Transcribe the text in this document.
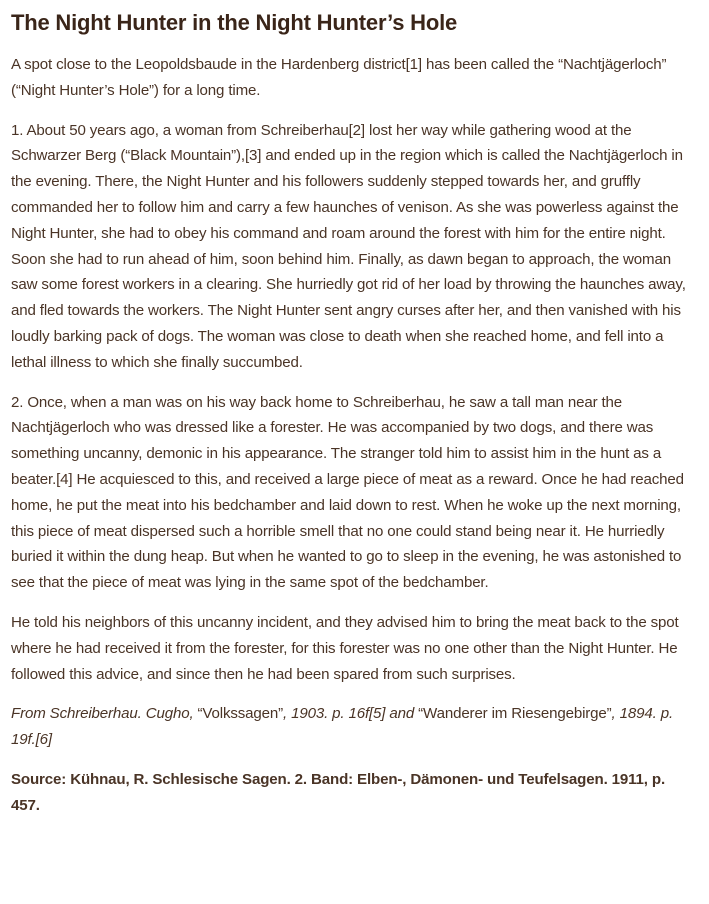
The Night Hunter in the Night Hunter’s Hole

A spot close to the Leopoldsbaude in the Hardenberg district[1] has been called the “Nachtjägerloch” (“Night Hunter’s Hole”) for a long time.

1. About 50 years ago, a woman from Schreiberhau[2] lost her way while gathering wood at the Schwarzer Berg (“Black Mountain”),[3] and ended up in the region which is called the Nachtjägerloch in the evening. There, the Night Hunter and his followers suddenly stepped towards her, and gruffly commanded her to follow him and carry a few haunches of venison. As she was powerless against the Night Hunter, she had to obey his command and roam around the forest with him for the entire night. Soon she had to run ahead of him, soon behind him. Finally, as dawn began to approach, the woman saw some forest workers in a clearing. She hurriedly got rid of her load by throwing the haunches away, and fled towards the workers. The Night Hunter sent angry curses after her, and then vanished with his loudly barking pack of dogs. The woman was close to death when she reached home, and fell into a lethal illness to which she finally succumbed.

2. Once, when a man was on his way back home to Schreiberhau, he saw a tall man near the Nachtjägerloch who was dressed like a forester. He was accompanied by two dogs, and there was something uncanny, demonic in his appearance. The stranger told him to assist him in the hunt as a beater.[4] He acquiesced to this, and received a large piece of meat as a reward. Once he had reached home, he put the meat into his bedchamber and laid down to rest. When he woke up the next morning, this piece of meat dispersed such a horrible smell that no one could stand being near it. He hurriedly buried it within the dung heap. But when he wanted to go to sleep in the evening, he was astonished to see that the piece of meat was lying in the same spot of the bedchamber.

He told his neighbors of this uncanny incident, and they advised him to bring the meat back to the spot where he had received it from the forester, for this forester was no one other than the Night Hunter. He followed this advice, and since then he had been spared from such surprises.

From Schreiberhau. Cugho, “Volkssagen”, 1903. p. 16f[5] and “Wanderer im Riesengebirge”, 1894. p. 19f.[6]

Source: Kühnau, R. Schlesische Sagen. 2. Band: Elben-, Dämonen- und Teufelsagen. 1911, p. 457.
